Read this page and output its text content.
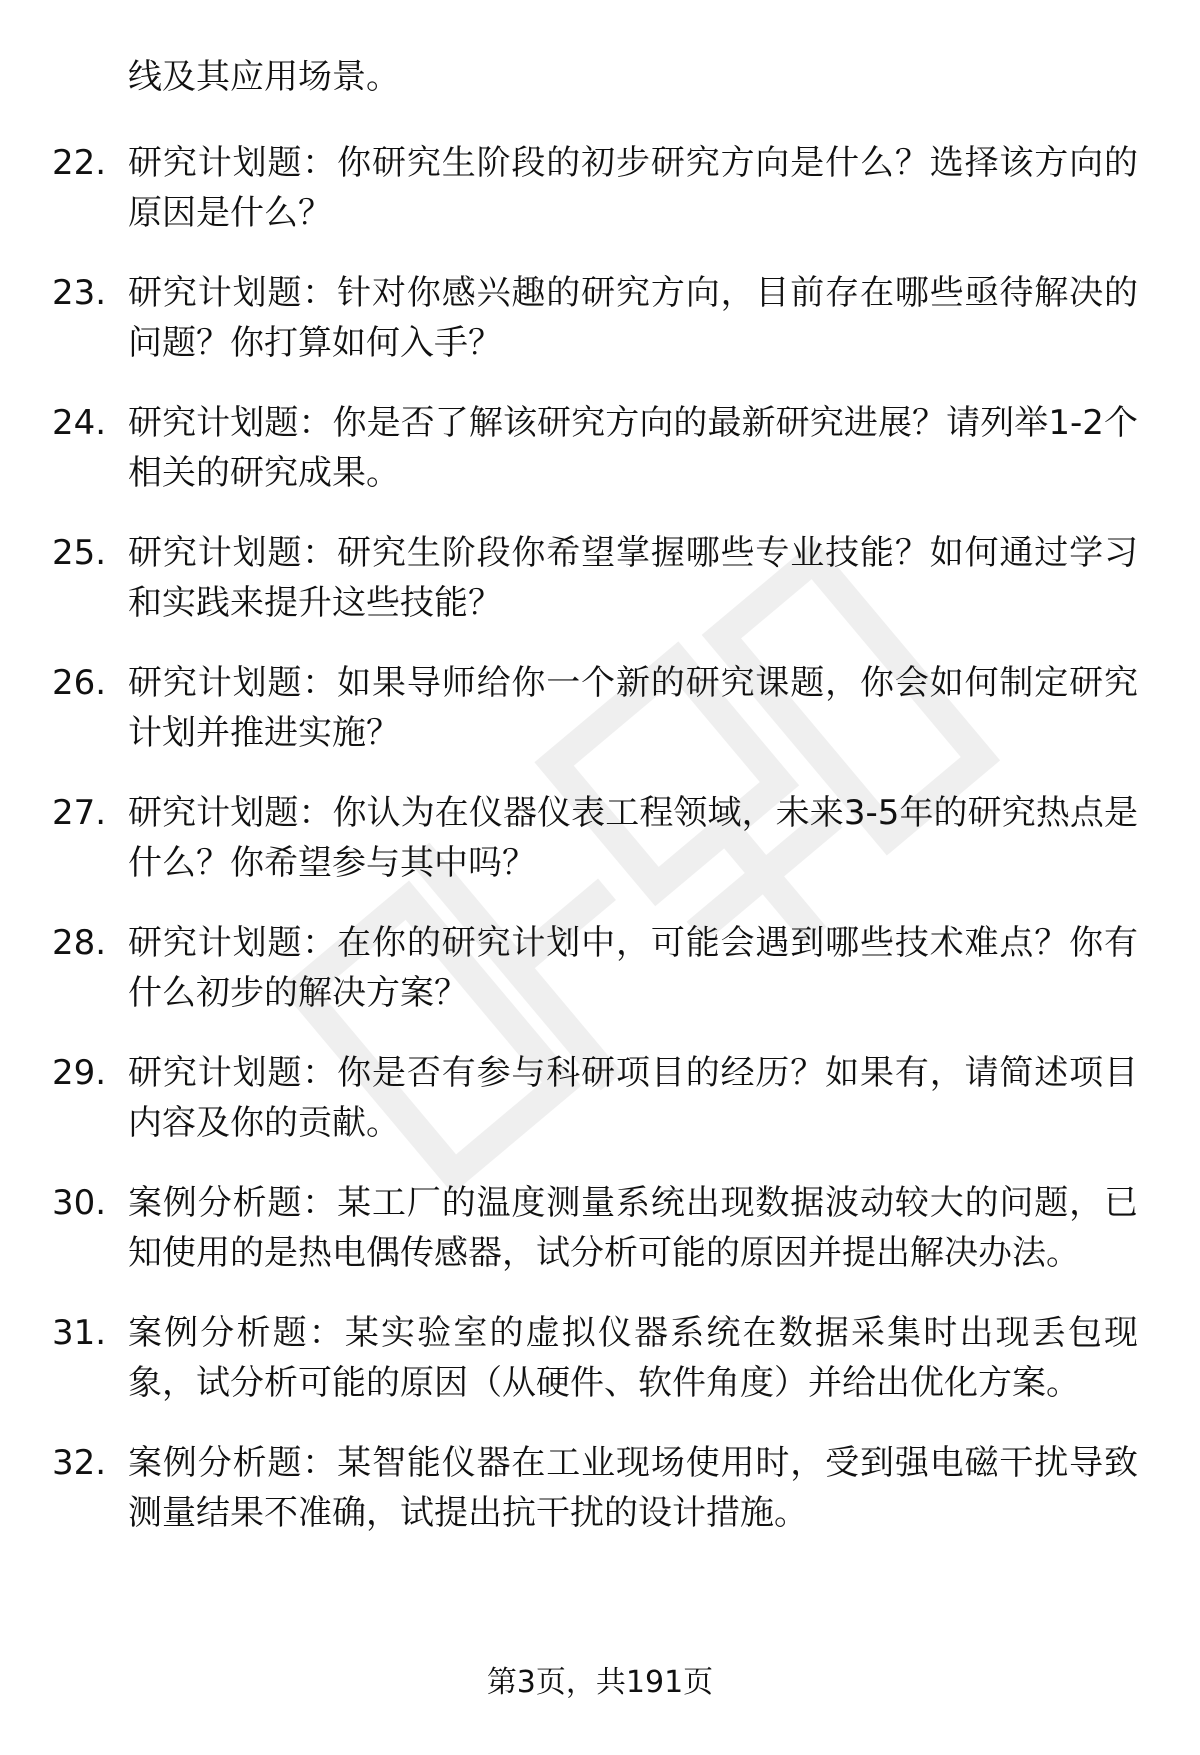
线及其应用场景。
22. 研究计划题：你研究生阶段的初步研究方向是什么？选择该方向的原因是什么？
23. 研究计划题：针对你感兴趣的研究方向，目前存在哪些亟待解决的问题？你打算如何入手？
24. 研究计划题：你是否了解该研究方向的最新研究进展？请列举1-2个相关的研究成果。
25. 研究计划题：研究生阶段你希望掌握哪些专业技能？如何通过学习和实践来提升这些技能？
26. 研究计划题：如果导师给你一个新的研究课题，你会如何制定研究计划并推进实施？
27. 研究计划题：你认为在仪器仪表工程领域，未来3-5年的研究热点是什么？你希望参与其中吗？
28. 研究计划题：在你的研究计划中，可能会遇到哪些技术难点？你有什么初步的解决方案？
29. 研究计划题：你是否有参与科研项目的经历？如果有，请简述项目内容及你的贡献。
30. 案例分析题：某工厂的温度测量系统出现数据波动较大的问题，已知使用的是热电偶传感器，试分析可能的原因并提出解决办法。
31. 案例分析题：某实验室的虚拟仪器系统在数据采集时出现丢包现象，试分析可能的原因（从硬件、软件角度）并给出优化方案。
32. 案例分析题：某智能仪器在工业现场使用时，受到强电磁干扰导致测量结果不准确，试提出抗干扰的设计措施。
第3页，共191页
